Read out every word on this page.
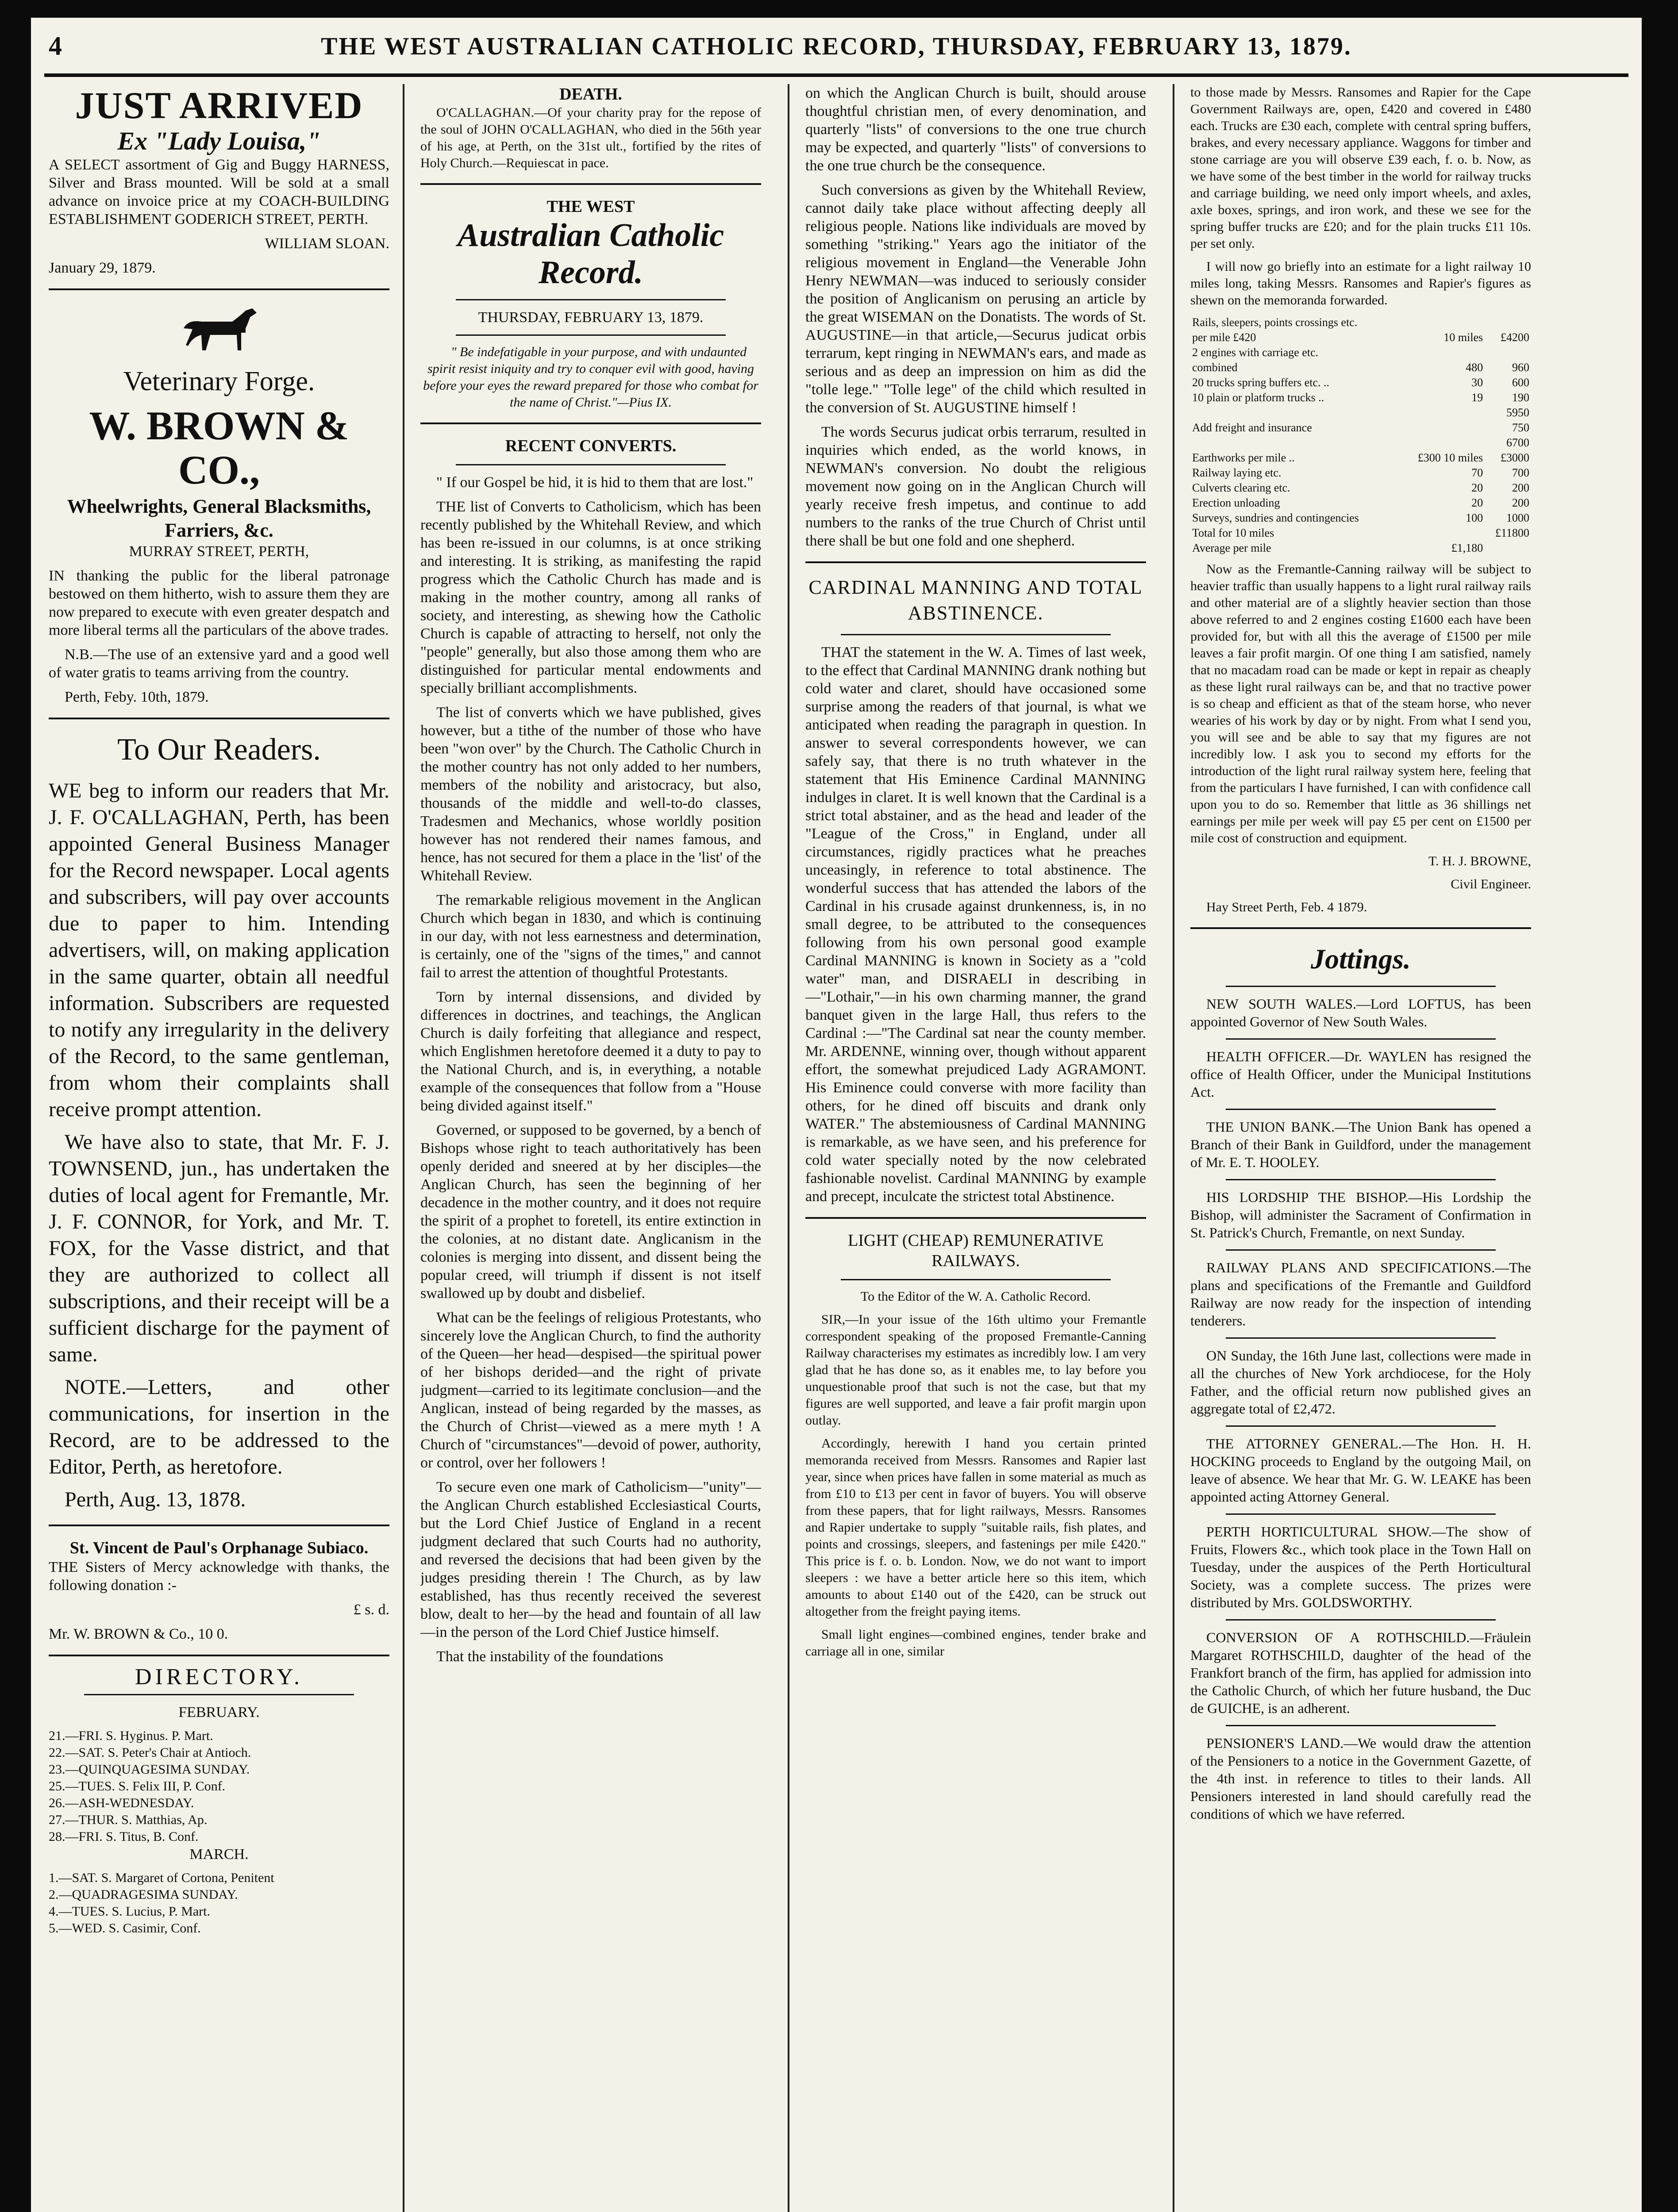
4	THE WEST AUSTRALIAN CATHOLIC RECORD, THURSDAY, FEBRUARY 13, 1879.
JUST ARRIVED
Ex "Lady Louisa,"

A SELECT assortment of Gig and Buggy HARNESS, Silver and Brass mounted. Will be sold at a small advance on invoice price at my COACH-BUILDING ESTABLISHMENT GODERICH STREET, PERTH.

WILLIAM SLOAN.

January 29, 1879.

Veterinary Forge.
W. BROWN & CO.,
Wheelwrights, General Blacksmiths, Farriers, &c.

MURRAY STREET, PERTH,

IN thanking the public for the liberal patronage bestowed on them hitherto, wish to assure them they are now prepared to execute with even greater despatch and more liberal terms all the particulars of the above trades.

N.B.—The use of an extensive yard and a good well of water gratis to teams arriving from the country.

Perth, Feby. 10th, 1879.

To Our Readers.

WE beg to inform our readers that Mr. J. F. O'CALLAGHAN, Perth, has been appointed General Business Manager for the Record newspaper. Local agents and subscribers, will pay over accounts due to paper to him. Intending advertisers, will, on making application in the same quarter, obtain all needful information. Subscribers are requested to notify any irregularity in the delivery of the Record, to the same gentleman, from whom their complaints shall receive prompt attention.

We have also to state, that Mr. F. J. TOWNSEND, jun., has undertaken the duties of local agent for Fremantle, Mr. J. F. CONNOR, for York, and Mr. T. FOX, for the Vasse district, and that they are authorized to collect all subscriptions, and their receipt will be a sufficient discharge for the payment of same.

NOTE.—Letters, and other communications, for insertion in the Record, are to be addressed to the Editor, Perth, as heretofore.

Perth, Aug. 13, 1878.

St. Vincent de Paul's Orphanage Subiaco.

THE Sisters of Mercy acknowledge with thanks, the following donation :-

£ s. d.

Mr. W. BROWN & Co., 10 0.

DIRECTORY.

FEBRUARY.

21.—FRI. S. Hyginus. P. Mart.
22.—SAT. S. Peter's Chair at Antioch.
23.—QUINQUAGESIMA SUNDAY.
25.—TUES. S. Felix III, P. Conf.
26.—ASH-WEDNESDAY.
27.—THUR. S. Matthias, Ap.
28.—FRI. S. Titus, B. Conf.

MARCH.

1.—SAT. S. Margaret of Cortona, Penitent
2.—QUADRAGESIMA SUNDAY.
4.—TUES. S. Lucius, P. Mart.
5.—WED. S. Casimir, Conf.
DEATH.

O'CALLAGHAN.—Of your charity pray for the repose of the soul of JOHN O'CALLAGHAN, who died in the 56th year of his age, at Perth, on the 31st ult., fortified by the rites of Holy Church.—Requiescat in pace.

THE WEST
Australian Catholic Record.

THURSDAY, FEBRUARY 13, 1879.

" Be indefatigable in your purpose, and with undaunted spirit resist iniquity and try to conquer evil with good, having before your eyes the reward prepared for those who combat for the name of Christ."—Pius IX.

RECENT CONVERTS.

" If our Gospel be hid, it is hid to them that are lost."

THE list of Converts to Catholicism, which has been recently published by the Whitehall Review, and which has been re-issued in our columns, is at once striking and interesting. It is striking, as manifesting the rapid progress which the Catholic Church has made and is making in the mother country, among all ranks of society, and interesting, as shewing how the Catholic Church is capable of attracting to herself, not only the "people" generally, but also those among them who are distinguished for particular mental endowments and specially brilliant accomplishments.

The list of converts which we have published, gives however, but a tithe of the number of those who have been "won over" by the Church. The Catholic Church in the mother country has not only added to her numbers, members of the nobility and aristocracy, but also, thousands of the middle and well-to-do classes, Tradesmen and Mechanics, whose worldly position however has not rendered their names famous, and hence, has not secured for them a place in the 'list' of the Whitehall Review.

The remarkable religious movement in the Anglican Church which began in 1830, and which is continuing in our day, with not less earnestness and determination, is certainly, one of the "signs of the times," and cannot fail to arrest the attention of thoughtful Protestants.

Torn by internal dissensions, and divided by differences in doctrines, and teachings, the Anglican Church is daily forfeiting that allegiance and respect, which Englishmen heretofore deemed it a duty to pay to the National Church, and is, in everything, a notable example of the consequences that follow from a "House being divided against itself."

Governed, or supposed to be governed, by a bench of Bishops whose right to teach authoritatively has been openly derided and sneered at by her disciples—the Anglican Church, has seen the beginning of her decadence in the mother country, and it does not require the spirit of a prophet to foretell, its entire extinction in the colonies, at no distant date. Anglicanism in the colonies is merging into dissent, and dissent being the popular creed, will triumph if dissent is not itself swallowed up by doubt and disbelief.

What can be the feelings of religious Protestants, who sincerely love the Anglican Church, to find the authority of the Queen—her head—despised—the spiritual power of her bishops derided—and the right of private judgment—carried to its legitimate conclusion—and the Anglican, instead of being regarded by the masses, as the Church of Christ—viewed as a mere myth ! A Church of "circumstances"—devoid of power, authority, or control, over her followers !

To secure even one mark of Catholicism—"unity"—the Anglican Church established Ecclesiastical Courts, but the Lord Chief Justice of England in a recent judgment declared that such Courts had no authority, and reversed the decisions that had been given by the judges presiding therein ! The Church, as by law established, has thus recently received the severest blow, dealt to her—by the head and fountain of all law—in the person of the Lord Chief Justice himself.

That the instability of the foundations

on which the Anglican Church is built, should arouse thoughtful christian men, of every denomination, and quarterly "lists" of conversions to the one true church may be expected, and quarterly "lists" of conversions to the one true church be the consequence.

Such conversions as given by the Whitehall Review, cannot daily take place without affecting deeply all religious people. Nations like individuals are moved by something "striking." Years ago the initiator of the religious movement in England—the Venerable John Henry NEWMAN—was induced to seriously consider the position of Anglicanism on perusing an article by the great WISEMAN on the Donatists. The words of St. AUGUSTINE—in that article,—Securus judicat orbis terrarum, kept ringing in NEWMAN's ears, and made as serious and as deep an impression on him as did the "tolle lege." "Tolle lege" of the child which resulted in the conversion of St. AUGUSTINE himself !

The words Securus judicat orbis terrarum, resulted in inquiries which ended, as the world knows, in NEWMAN's conversion. No doubt the religious movement now going on in the Anglican Church will yearly receive fresh impetus, and continue to add numbers to the ranks of the true Church of Christ until there shall be but one fold and one shepherd.

CARDINAL MANNING AND TOTAL ABSTINENCE.

THAT the statement in the W. A. Times of last week, to the effect that Cardinal MANNING drank nothing but cold water and claret, should have occasioned some surprise among the readers of that journal, is what we anticipated when reading the paragraph in question. In answer to several correspondents however, we can safely say, that there is no truth whatever in the statement that His Eminence Cardinal MANNING indulges in claret. It is well known that the Cardinal is a strict total abstainer, and as the head and leader of the "League of the Cross," in England, under all circumstances, rigidly practices what he preaches unceasingly, in reference to total abstinence. The wonderful success that has attended the labors of the Cardinal in his crusade against drunkenness, is, in no small degree, to be attributed to the consequences following from his own personal good example Cardinal MANNING is known in Society as a "cold water" man, and DISRAELI in describing in—"Lothair,"—in his own charming manner, the grand banquet given in the large Hall, thus refers to the Cardinal :—"The Cardinal sat near the county member. Mr. ARDENNE, winning over, though without apparent effort, the somewhat prejudiced Lady AGRAMONT. His Eminence could converse with more facility than others, for he dined off biscuits and drank only WATER." The abstemiousness of Cardinal MANNING is remarkable, as we have seen, and his preference for cold water specially noted by the now celebrated fashionable novelist. Cardinal MANNING by example and precept, inculcate the strictest total Abstinence.

LIGHT (CHEAP) REMUNERATIVE RAILWAYS.

To the Editor of the W. A. Catholic Record.

SIR,—In your issue of the 16th ultimo your Fremantle correspondent speaking of the proposed Fremantle-Canning Railway characterises my estimates as incredibly low. I am very glad that he has done so, as it enables me, to lay before you unquestionable proof that such is not the case, but that my figures are well supported, and leave a fair profit margin upon outlay.

Accordingly, herewith I hand you certain printed memoranda received from Messrs. Ransomes and Rapier last year, since when prices have fallen in some material as much as from £10 to £13 per cent in favor of buyers. You will observe from these papers, that for light railways, Messrs. Ransomes and Rapier undertake to supply "suitable rails, fish plates, and points and crossings, sleepers, and fastenings per mile £420." This price is f. o. b. London. Now, we do not want to import sleepers : we have a better article here so this item, which amounts to about £140 out of the £420, can be struck out altogether from the freight paying items.

Small light engines—combined engines, tender brake and carriage all in one, similar

to those made by Messrs. Ransomes and Rapier for the Cape Government Railways are, open, £420 and covered in £480 each. Trucks are £30 each, complete with central spring buffers, brakes, and every necessary appliance. Waggons for timber and stone carriage are you will observe £39 each, f. o. b. Now, as we have some of the best timber in the world for railway trucks and carriage building, we need only import wheels, and axles, axle boxes, springs, and iron work, and these we see for the spring buffer trucks are £20; and for the plain trucks £11 10s. per set only.

I will now go briefly into an estimate for a light railway 10 miles long, taking Messrs. Ransomes and Rapier's figures as shewn on the memoranda forwarded.

Rails, sleepers, points crossings etc.		
per mile £420	10 miles	£4200
2 engines with carriage etc.		
combined	480	960
20 trucks spring buffers etc. ..	30	600
10 plain or platform trucks ..	19	190
		5950
Add freight and insurance		750
		6700
Earthworks per mile ..	£300 10 miles	£3000
Railway laying etc.	70	700
Culverts clearing etc.	20	200
Erection unloading	20	200
Surveys, sundries and contingencies	100	1000
Total for 10 miles		£11800
Average per mile	£1,180	

Now as the Fremantle-Canning railway will be subject to heavier traffic than usually happens to a light rural railway rails and other material are of a slightly heavier section than those above referred to and 2 engines costing £1600 each have been provided for, but with all this the average of £1500 per mile leaves a fair profit margin. Of one thing I am satisfied, namely that no macadam road can be made or kept in repair as cheaply as these light rural railways can be, and that no tractive power is so cheap and efficient as that of the steam horse, who never wearies of his work by day or by night. From what I send you, you will see and be able to say that my figures are not incredibly low. I ask you to second my efforts for the introduction of the light rural railway system here, feeling that from the particulars I have furnished, I can with confidence call upon you to do so. Remember that little as 36 shillings net earnings per mile per week will pay £5 per cent on £1500 per mile cost of construction and equipment.

T. H. J. BROWNE,

Civil Engineer.

Hay Street Perth, Feb. 4 1879.

Jottings.

NEW SOUTH WALES.—Lord LOFTUS, has been appointed Governor of New South Wales.

HEALTH OFFICER.—Dr. WAYLEN has resigned the office of Health Officer, under the Municipal Institutions Act.

THE UNION BANK.—The Union Bank has opened a Branch of their Bank in Guildford, under the management of Mr. E. T. HOOLEY.

HIS LORDSHIP THE BISHOP.—His Lordship the Bishop, will administer the Sacrament of Confirmation in St. Patrick's Church, Fremantle, on next Sunday.

RAILWAY PLANS AND SPECIFICATIONS.—The plans and specifications of the Fremantle and Guildford Railway are now ready for the inspection of intending tenderers.

ON Sunday, the 16th June last, collections were made in all the churches of New York archdiocese, for the Holy Father, and the official return now published gives an aggregate total of £2,472.

THE ATTORNEY GENERAL.—The Hon. H. H. HOCKING proceeds to England by the outgoing Mail, on leave of absence. We hear that Mr. G. W. LEAKE has been appointed acting Attorney General.

PERTH HORTICULTURAL SHOW.—The show of Fruits, Flowers &c., which took place in the Town Hall on Tuesday, under the auspices of the Perth Horticultural Society, was a complete success. The prizes were distributed by Mrs. GOLDSWORTHY.

CONVERSION OF A ROTHSCHILD.—Fräulein Margaret ROTHSCHILD, daughter of the head of the Frankfort branch of the firm, has applied for admission into the Catholic Church, of which her future husband, the Duc de GUICHE, is an adherent.

PENSIONER'S LAND.—We would draw the attention of the Pensioners to a notice in the Government Gazette, of the 4th inst. in reference to titles to their lands. All Pensioners interested in land should carefully read the conditions of which we have referred.
